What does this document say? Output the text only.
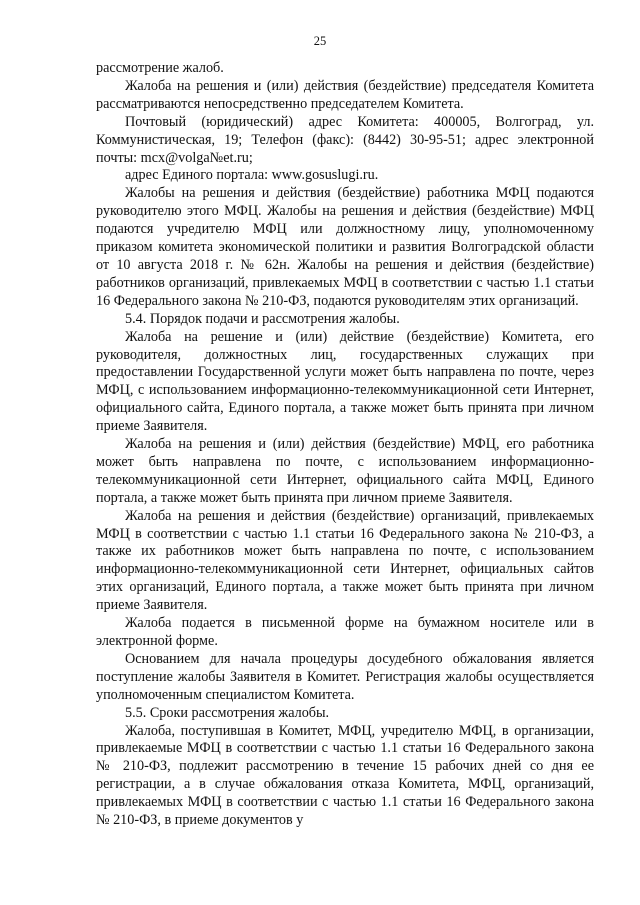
25

рассмотрение жалоб.

Жалоба на решения и (или) действия (бездействие) председателя Комитета рассматриваются непосредственно председателем Комитета.

Почтовый (юридический) адрес Комитета: 400005, Волгоград, ул. Коммунистическая, 19; Телефон (факс): (8442) 30-95-51; адрес электронной почты: mcx@volga№et.ru;

адрес Единого портала: www.gosuslugi.ru.

Жалобы на решения и действия (бездействие) работника МФЦ подаются руководителю этого МФЦ. Жалобы на решения и действия (бездействие) МФЦ подаются учредителю МФЦ или должностному лицу, уполномоченному приказом комитета экономической политики и развития Волгоградской области от 10 августа 2018 г. № 62н. Жалобы на решения и действия (бездействие) работников организаций, привлекаемых МФЦ в соответствии с частью 1.1 статьи 16 Федерального закона № 210-ФЗ, подаются руководителям этих организаций.

5.4. Порядок подачи и рассмотрения жалобы.

Жалоба на решение и (или) действие (бездействие) Комитета, его руководителя, должностных лиц, государственных служащих при предоставлении Государственной услуги может быть направлена по почте, через МФЦ, с использованием информационно-телекоммуникационной сети Интернет, официального сайта, Единого портала, а также может быть принята при личном приеме Заявителя.

Жалоба на решения и (или) действия (бездействие) МФЦ, его работника может быть направлена по почте, с использованием информационно-телекоммуникационной сети Интернет, официального сайта МФЦ, Единого портала, а также может быть принята при личном приеме Заявителя.

Жалоба на решения и действия (бездействие) организаций, привлекаемых МФЦ в соответствии с частью 1.1 статьи 16 Федерального закона № 210-ФЗ, а также их работников может быть направлена по почте, с использованием информационно-телекоммуникационной сети Интернет, официальных сайтов этих организаций, Единого портала, а также может быть принята при личном приеме Заявителя.

Жалоба подается в письменной форме на бумажном носителе или в электронной форме.

Основанием для начала процедуры досудебного обжалования является поступление жалобы Заявителя в Комитет. Регистрация жалобы осуществляется уполномоченным специалистом Комитета.

5.5. Сроки рассмотрения жалобы.

Жалоба, поступившая в Комитет, МФЦ, учредителю МФЦ, в организации, привлекаемые МФЦ в соответствии с частью 1.1 статьи 16 Федерального закона № 210-ФЗ, подлежит рассмотрению в течение 15 рабочих дней со дня ее регистрации, а в случае обжалования отказа Комитета, МФЦ, организаций, привлекаемых МФЦ в соответствии с частью 1.1 статьи 16 Федерального закона № 210-ФЗ, в приеме документов у
